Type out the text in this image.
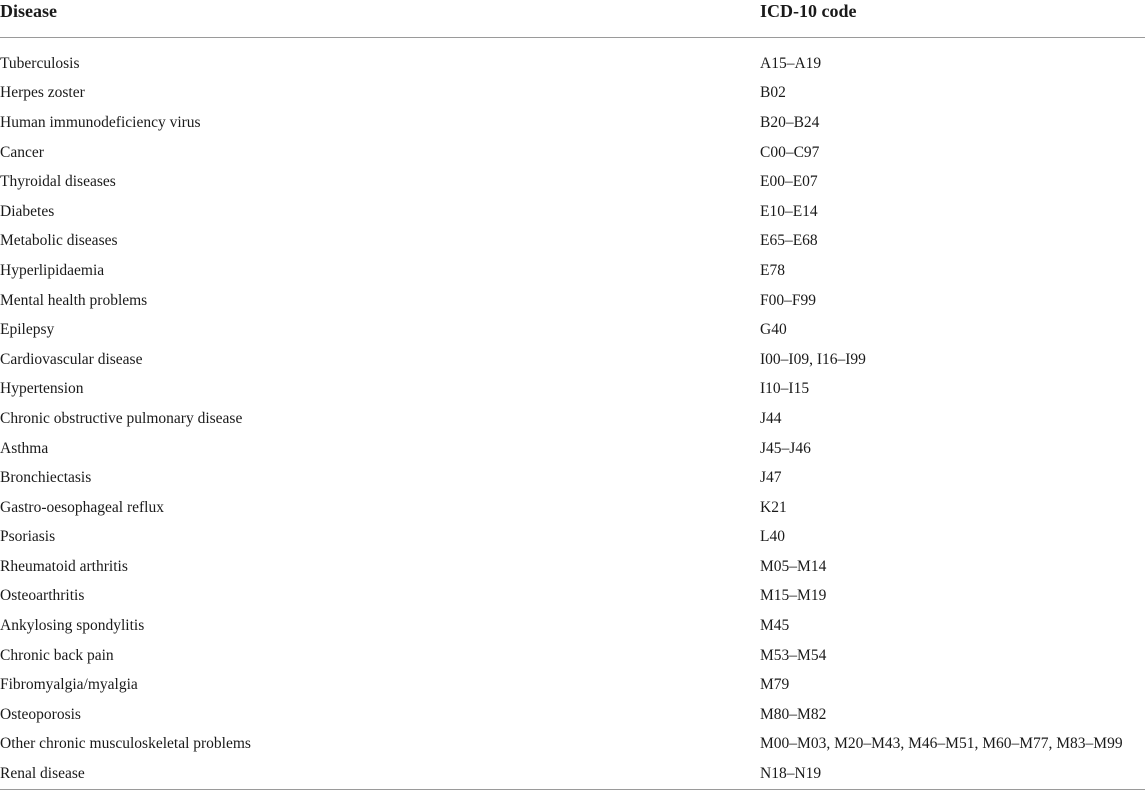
Disease	ICD-10 code

Tuberculosis	A15–A19
Herpes zoster	B02
Human immunodeficiency virus	B20–B24
Cancer	C00–C97
Thyroidal diseases	E00–E07
Diabetes	E10–E14
Metabolic diseases	E65–E68
Hyperlipidaemia	E78
Mental health problems	F00–F99
Epilepsy	G40
Cardiovascular disease	I00–I09, I16–I99
Hypertension	I10–I15
Chronic obstructive pulmonary disease	J44
Asthma	J45–J46
Bronchiectasis	J47
Gastro-oesophageal reflux	K21
Psoriasis	L40
Rheumatoid arthritis	M05–M14
Osteoarthritis	M15–M19
Ankylosing spondylitis	M45
Chronic back pain	M53–M54
Fibromyalgia/myalgia	M79
Osteoporosis	M80–M82
Other chronic musculoskeletal problems	M00–M03, M20–M43, M46–M51, M60–M77, M83–M99
Renal disease	N18–N19
